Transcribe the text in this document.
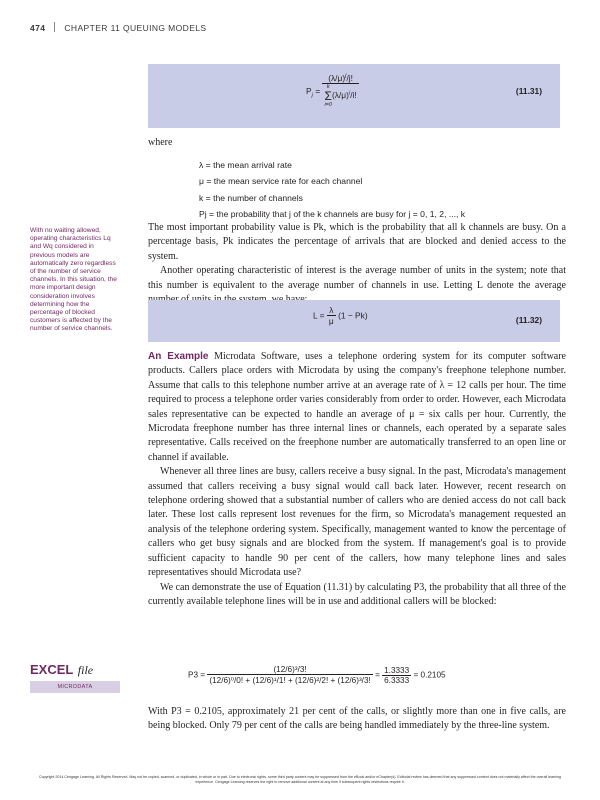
474 CHAPTER 11 QUEUING MODELS
$P_j = (\lambda/\mu)^j/j$!
k
Σ
$i=0(\lambda/\mu)^i/i$!	(11.31)
where
λ = the mean arrival rate
μ = the mean service rate for each channel
k = the number of channels
Pj = the probability that j of the k channels are busy for j = 0, 1, 2, ..., k
With no waiting allowed, operating characteristics Lq and Wq considered in previous models are automatically zero regardless of the number of service channels. In this situation, the more important design consideration involves determining how the percentage of blocked customers is affected by the number of service channels.

The most important probability value is Pk, which is the probability that all k channels are busy. On a percentage basis, Pk indicates the percentage of arrivals that are blocked and denied access to the system.

Another operating characteristic of interest is the average number of units in the system; note that this number is equivalent to the average number of channels in use. Letting L denote the average

$L = \frac{\lambda}{\mu} (1 - Pk)$	(11.32)

An Example Microdata Software, uses a telephone ordering system for its computer software products. Callers place orders with Microdata by using the company's freephone telephone number. Assume that calls to this telephone number arrive at an average rate of λ = 12 calls per hour. The time required to process a telephone order varies considerably from order to order. However, each Microdata sales representative can be expected to handle an average of μ = six calls per hour. Currently, the Microdata freephone number has three internal lines or channels, each operated by a separate sales representative. Calls received on the freephone number are automatically transferred to an open line or channel if available.

Whenever all three lines are busy, callers receive a busy signal. In the past, Microdata's management assumed that callers receiving a busy signal would call back later. However, recent research on telephone ordering showed that a substantial number of callers who are denied access do not call back later. These lost calls represent lost revenues for the firm, so Microdata's management requested an analysis of the telephone ordering system. Specifically, management wanted to know the percentage of callers who get busy signals and are blocked from the system. If management's goal is to provide sufficient capacity to handle 90 per cent of the callers, how many telephone lines and sales representatives should Microdata use?

We can demonstrate the use of Equation (11.31) by calculating P3, the probability that all three of the currently available telephone lines will be in use and additional callers will be blocked:

EXCEL file
MICRODATA
$P3 = \frac{\text{(12/6)³/3!}}{\text{(12/6)⁰/0! + (12/6)¹/1! + (12/6)²/2! + (12/6)³/3!}} = \frac{1.3333}{6.3333} = 0.2105$

With P3 = 0.2105, approximately 21 per cent of the calls, or slightly more than one in five calls, are being blocked. Only 79 per cent of the calls are being handled immediately by the three-line system.

Copyright 2014 Cengage Learning. All Rights Reserved. May not be copied, scanned, or duplicated, in whole or in part. Due to electronic rights, some third party content may be suppressed from the eBook and/or eChapter(s). Editorial review has deemed that any suppressed content does not materially affect the overall learning experience. Cengage Learning reserves the right to remove additional content at any time if subsequent rights restrictions require it.
